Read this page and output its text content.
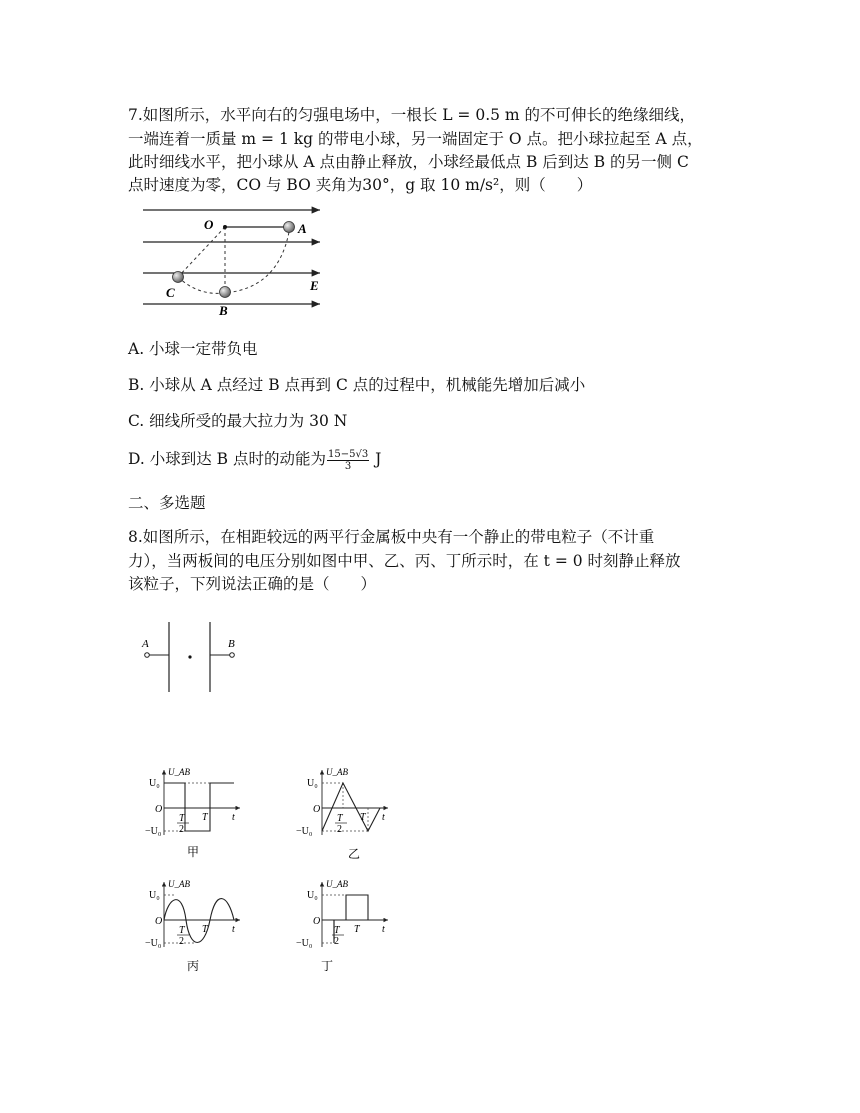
7.如图所示，水平向右的匀强电场中，一根长 L = 0.5 m 的不可伸长的绝缘细线，
一端连着一质量 m = 1 kg 的带电小球，另一端固定于 O 点。把小球拉起至 A 点，
此时细线水平，把小球从 A 点由静止释放，小球经最低点 B 后到达 B 的另一侧 C
点时速度为零，CO 与 BO 夹角为30°，g 取 10 m/s²，则（　　）
O	A
B
C	E
A. 小球一定带负电
B. 小球从 A 点经过 B 点再到 C 点的过程中，机械能先增加后减小
C. 细线所受的最大拉力为 30 N
D. 小球到达 B 点时的动能为 $\frac{15-5√3}{3}$ J
二、多选题
8.如图所示，在相距较远的两平行金属板中央有一个静止的带电粒子（不计重
力），当两板间的电压分别如图中甲、乙、丙、丁所示时，在 t = 0 时刻静止释放
该粒子，下列说法正确的是（　　）
A	B
U₀
U_AB
O
−U₀
T
2
T t
甲
U₀
U_AB
O
−U₀
T
2
T t
乙
U₀
U_AB
O
−U₀
T
2
T t
丙
U₀
U_AB
O
−U₀
T
2
T t
丁
